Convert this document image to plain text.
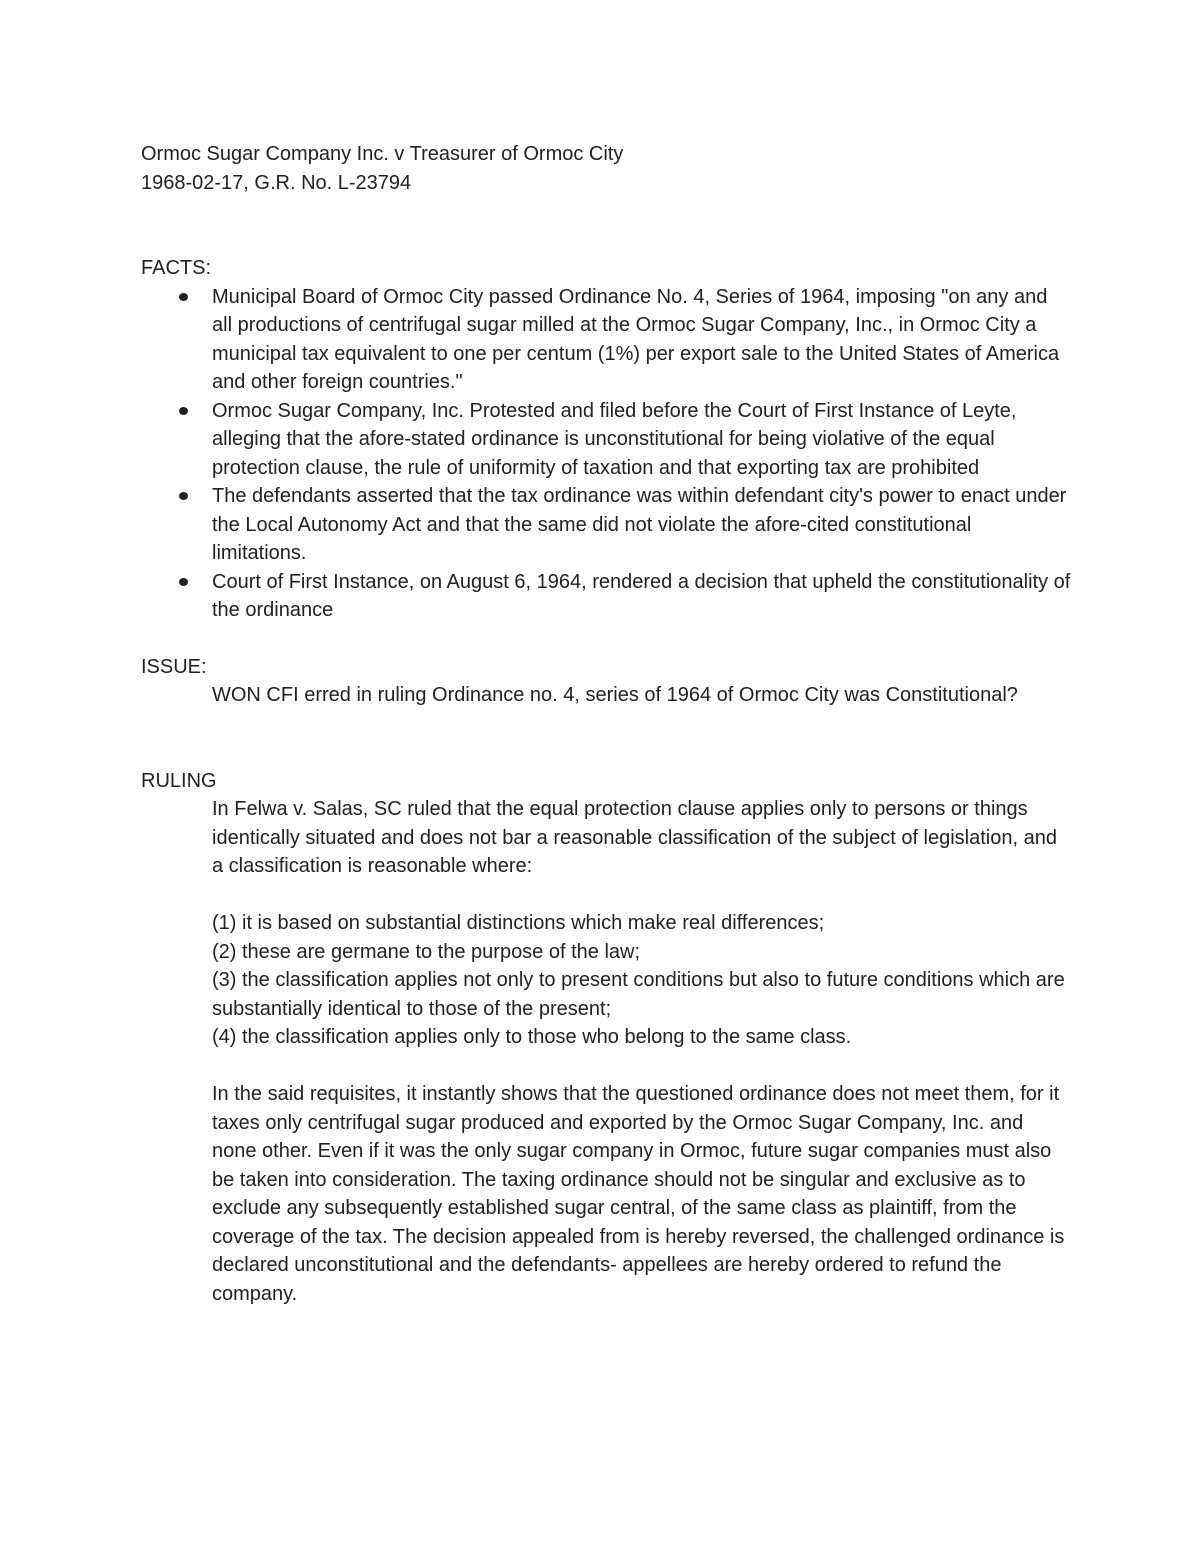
Ormoc Sugar Company Inc. v Treasurer of Ormoc City
1968-02-17, G.R. No. L-23794
FACTS:
Municipal Board of Ormoc City passed Ordinance No. 4, Series of 1964, imposing "on any and all productions of centrifugal sugar milled at the Ormoc Sugar Company, Inc., in Ormoc City a municipal tax equivalent to one per centum (1%) per export sale to the United States of America and other foreign countries."
Ormoc Sugar Company, Inc. Protested and filed before the Court of First Instance of Leyte, alleging that the afore-stated ordinance is unconstitutional for being violative of the equal protection clause, the rule of uniformity of taxation and that exporting tax are prohibited
The defendants asserted that the tax ordinance was within defendant city's power to enact under the Local Autonomy Act and that the same did not violate the afore-cited constitutional limitations.
Court of First Instance, on August 6, 1964, rendered a decision that upheld the constitutionality of the ordinance
ISSUE:

WON CFI erred in ruling Ordinance no. 4, series of 1964 of Ormoc City was Constitutional?

RULING

In Felwa v. Salas, SC ruled that the equal protection clause applies only to persons or things identically situated and does not bar a reasonable classification of the subject of legislation, and a classification is reasonable where:

(1) it is based on substantial distinctions which make real differences;

(2) these are germane to the purpose of the law;

(3) the classification applies not only to present conditions but also to future conditions which are substantially identical to those of the present;

(4) the classification applies only to those who belong to the same class.

In the said requisites, it instantly shows that the questioned ordinance does not meet them, for it taxes only centrifugal sugar produced and exported by the Ormoc Sugar Company, Inc. and none other. Even if it was the only sugar company in Ormoc, future sugar companies must also be taken into consideration. The taxing ordinance should not be singular and exclusive as to exclude any subsequently established sugar central, of the same class as plaintiff, from the coverage of the tax. The decision appealed from is hereby reversed, the challenged ordinance is declared unconstitutional and the defendants- appellees are hereby ordered to refund the company.
